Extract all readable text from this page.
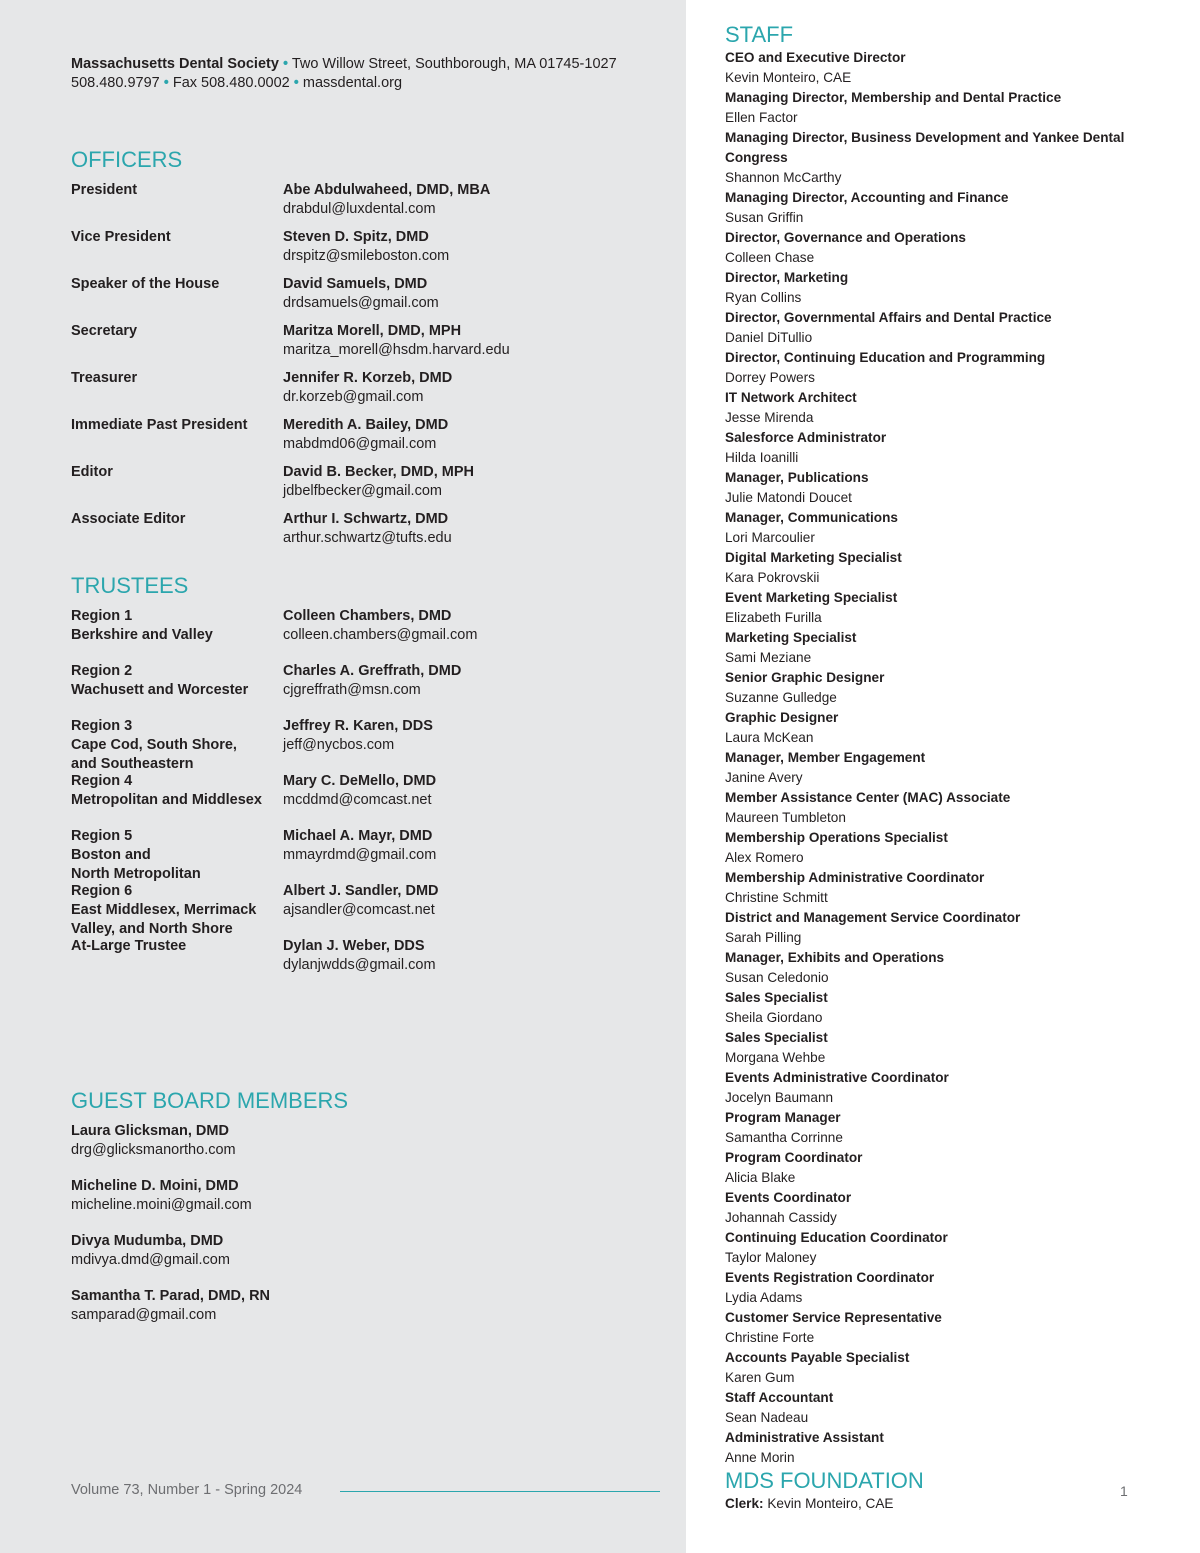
Massachusetts Dental Society • Two Willow Street, Southborough, MA 01745-1027
508.480.9797 • Fax 508.480.0002 • massdental.org
OFFICERS
President	Abe Abdulwaheed, DMD, MBA
drabdul@luxdental.com
Vice President	Steven D. Spitz, DMD
drspitz@smileboston.com
Speaker of the House	David Samuels, DMD
drdsamuels@gmail.com
Secretary	Maritza Morell, DMD, MPH
maritza_morell@hsdm.harvard.edu
Treasurer	Jennifer R. Korzeb, DMD
dr.korzeb@gmail.com
Immediate Past President	Meredith A. Bailey, DMD
mabdmd06@gmail.com
Editor	David B. Becker, DMD, MPH
jdbelfbecker@gmail.com
Associate Editor	Arthur I. Schwartz, DMD
arthur.schwartz@tufts.edu
TRUSTEES
Region 1
Berkshire and Valley
Colleen Chambers, DMD
colleen.chambers@gmail.com
Region 2
Wachusett and Worcester
Charles A. Greffrath, DMD
cjgreffrath@msn.com
Region 3
Cape Cod, South Shore,
and Southeastern
Jeffrey R. Karen, DDS
jeff@nycbos.com
Region 4
Metropolitan and Middlesex
Mary C. DeMello, DMD
mcddmd@comcast.net
Region 5
Boston and
North Metropolitan
Michael A. Mayr, DMD
mmayrdmd@gmail.com
Region 6
East Middlesex, Merrimack
Valley, and North Shore
Albert J. Sandler, DMD
ajsandler@comcast.net
At-Large Trustee	Dylan J. Weber, DDS
dylanjwdds@gmail.com
GUEST BOARD MEMBERS
Laura Glicksman, DMD
drg@glicksmanortho.com
Micheline D. Moini, DMD
micheline.moini@gmail.com
Divya Mudumba, DMD
mdivya.dmd@gmail.com
Samantha T. Parad, DMD, RN
samparad@gmail.com
Volume 73, Number 1 - Spring 2024
STAFF
CEO and Executive Director
Kevin Monteiro, CAE
Managing Director, Membership and Dental Practice
Ellen Factor
Managing Director, Business Development and Yankee Dental Congress
Shannon McCarthy
Managing Director, Accounting and Finance
Susan Griffin
Director, Governance and Operations
Colleen Chase
Director, Marketing
Ryan Collins
Director, Governmental Affairs and Dental Practice
Daniel DiTullio
Director, Continuing Education and Programming
Dorrey Powers
IT Network Architect
Jesse Mirenda
Salesforce Administrator
Hilda Ioanilli
Manager, Publications
Julie Matondi Doucet
Manager, Communications
Lori Marcoulier
Digital Marketing Specialist
Kara Pokrovskii
Event Marketing Specialist
Elizabeth Furilla
Marketing Specialist
Sami Meziane
Senior Graphic Designer
Suzanne Gulledge
Graphic Designer
Laura McKean
Manager, Member Engagement
Janine Avery
Member Assistance Center (MAC) Associate
Maureen Tumbleton
Membership Operations Specialist
Alex Romero
Membership Administrative Coordinator
Christine Schmitt
District and Management Service Coordinator
Sarah Pilling
Manager, Exhibits and Operations
Susan Celedonio
Sales Specialist
Sheila Giordano
Sales Specialist
Morgana Wehbe
Events Administrative Coordinator
Jocelyn Baumann
Program Manager
Samantha Corrinne
Program Coordinator
Alicia Blake
Events Coordinator
Johannah Cassidy
Continuing Education Coordinator
Taylor Maloney
Events Registration Coordinator
Lydia Adams
Customer Service Representative
Christine Forte
Accounts Payable Specialist
Karen Gum
Staff Accountant
Sean Nadeau
Administrative Assistant
Anne Morin
MDS FOUNDATION
Clerk: Kevin Monteiro, CAE
1
